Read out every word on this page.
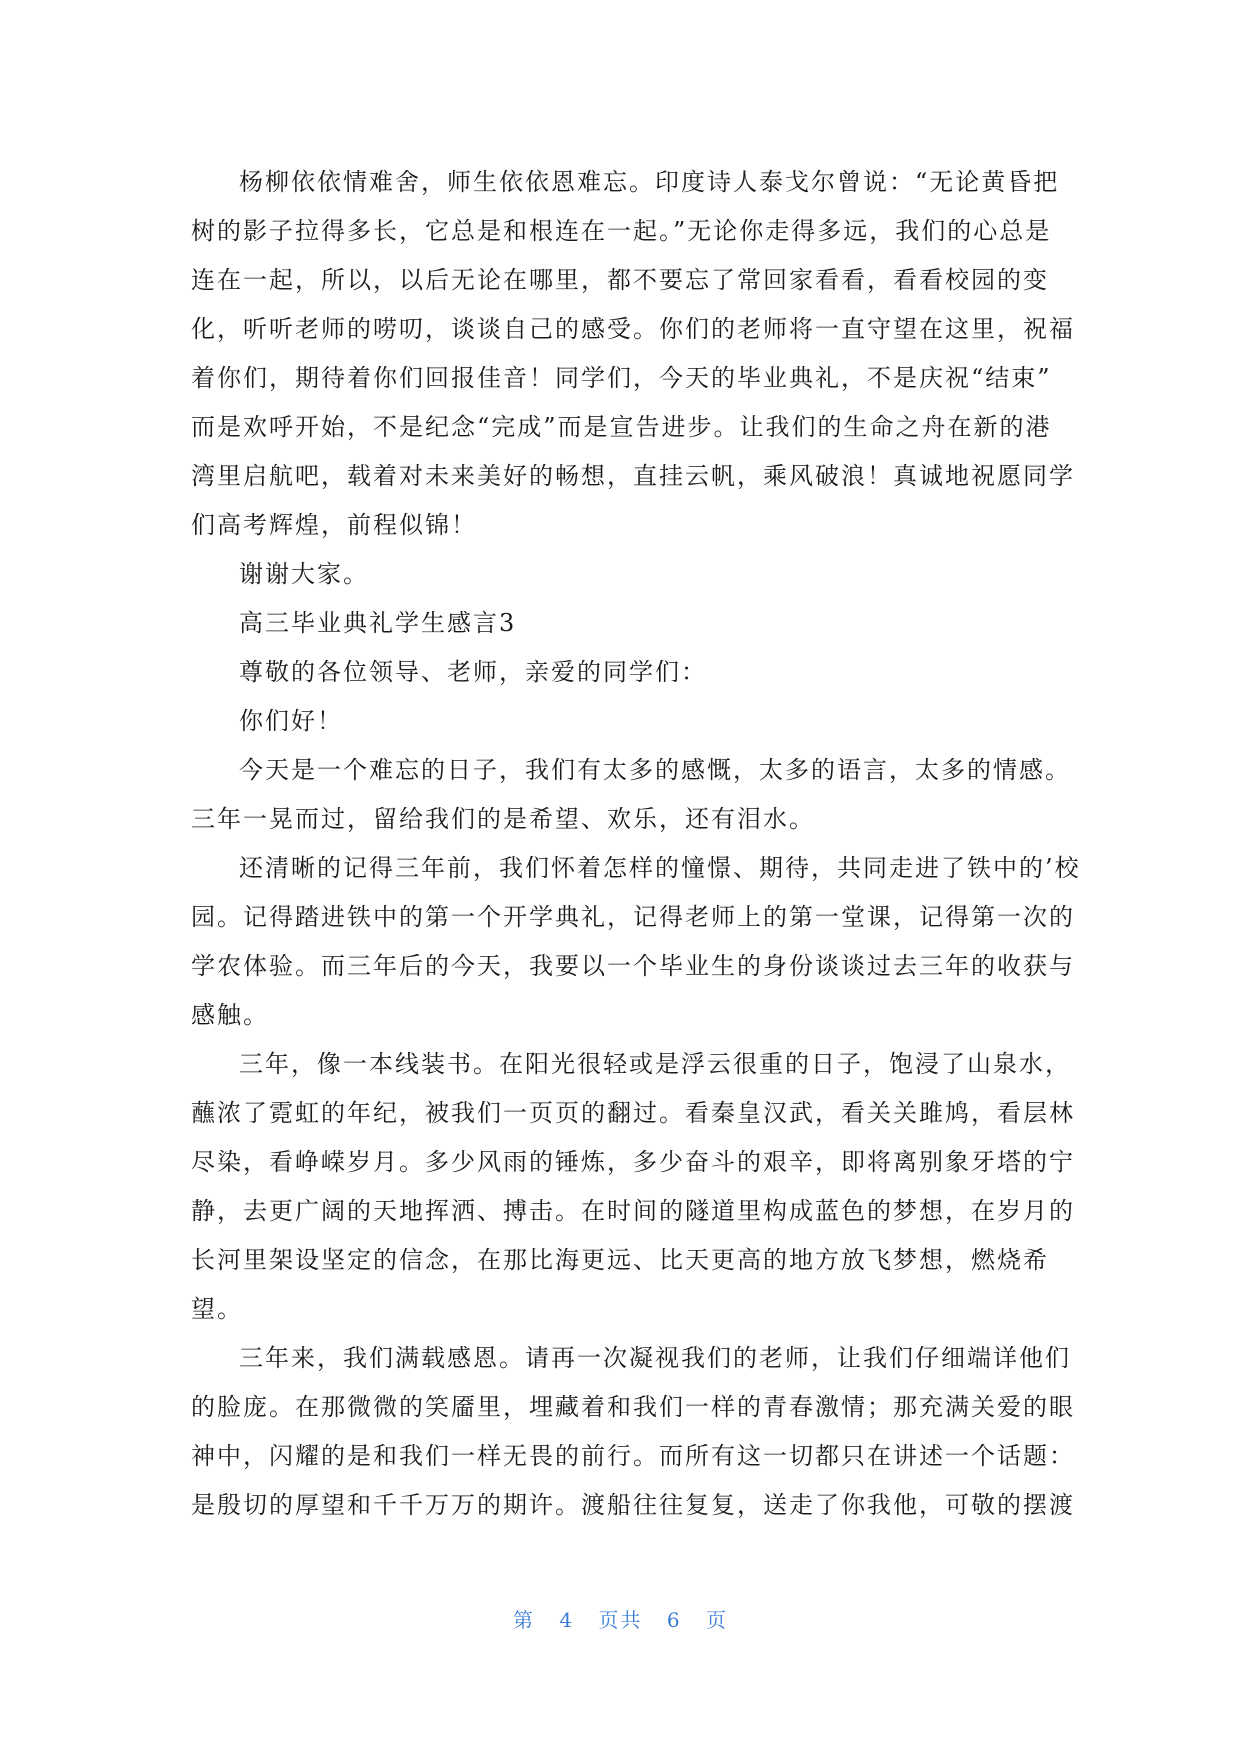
杨柳依依情难舍，师生依依恩难忘。印度诗人泰戈尔曾说：“无论黄昏把
树的影子拉得多长，它总是和根连在一起。”无论你走得多远，我们的心总是
连在一起，所以，以后无论在哪里，都不要忘了常回家看看，看看校园的变
化，听听老师的唠叨，谈谈自己的感受。你们的老师将一直守望在这里，祝福
着你们，期待着你们回报佳音！同学们，今天的毕业典礼，不是庆祝“结束”
而是欢呼开始，不是纪念“完成”而是宣告进步。让我们的生命之舟在新的港
湾里启航吧，载着对未来美好的畅想，直挂云帆，乘风破浪！真诚地祝愿同学
们高考辉煌，前程似锦！
谢谢大家。
高三毕业典礼学生感言3
尊敬的各位领导、老师，亲爱的同学们：
你们好！
今天是一个难忘的日子，我们有太多的感慨，太多的语言，太多的情感。
三年一晃而过，留给我们的是希望、欢乐，还有泪水。
还清晰的记得三年前，我们怀着怎样的憧憬、期待，共同走进了铁中的’校
园。记得踏进铁中的第一个开学典礼，记得老师上的第一堂课，记得第一次的
学农体验。而三年后的今天，我要以一个毕业生的身份谈谈过去三年的收获与
感触。
三年，像一本线装书。在阳光很轻或是浮云很重的日子，饱浸了山泉水，
蘸浓了霓虹的年纪，被我们一页页的翻过。看秦皇汉武，看关关雎鸠，看层林
尽染，看峥嵘岁月。多少风雨的锤炼，多少奋斗的艰辛，即将离别象牙塔的宁
静，去更广阔的天地挥洒、搏击。在时间的隧道里构成蓝色的梦想，在岁月的
长河里架设坚定的信念，在那比海更远、比天更高的地方放飞梦想，燃烧希
望。
三年来，我们满载感恩。请再一次凝视我们的老师，让我们仔细端详他们
的脸庞。在那微微的笑靥里，埋藏着和我们一样的青春激情；那充满关爱的眼
神中，闪耀的是和我们一样无畏的前行。而所有这一切都只在讲述一个话题：
是殷切的厚望和千千万万的期许。渡船往往复复，送走了你我他，可敬的摆渡
第 4 页共 6 页
